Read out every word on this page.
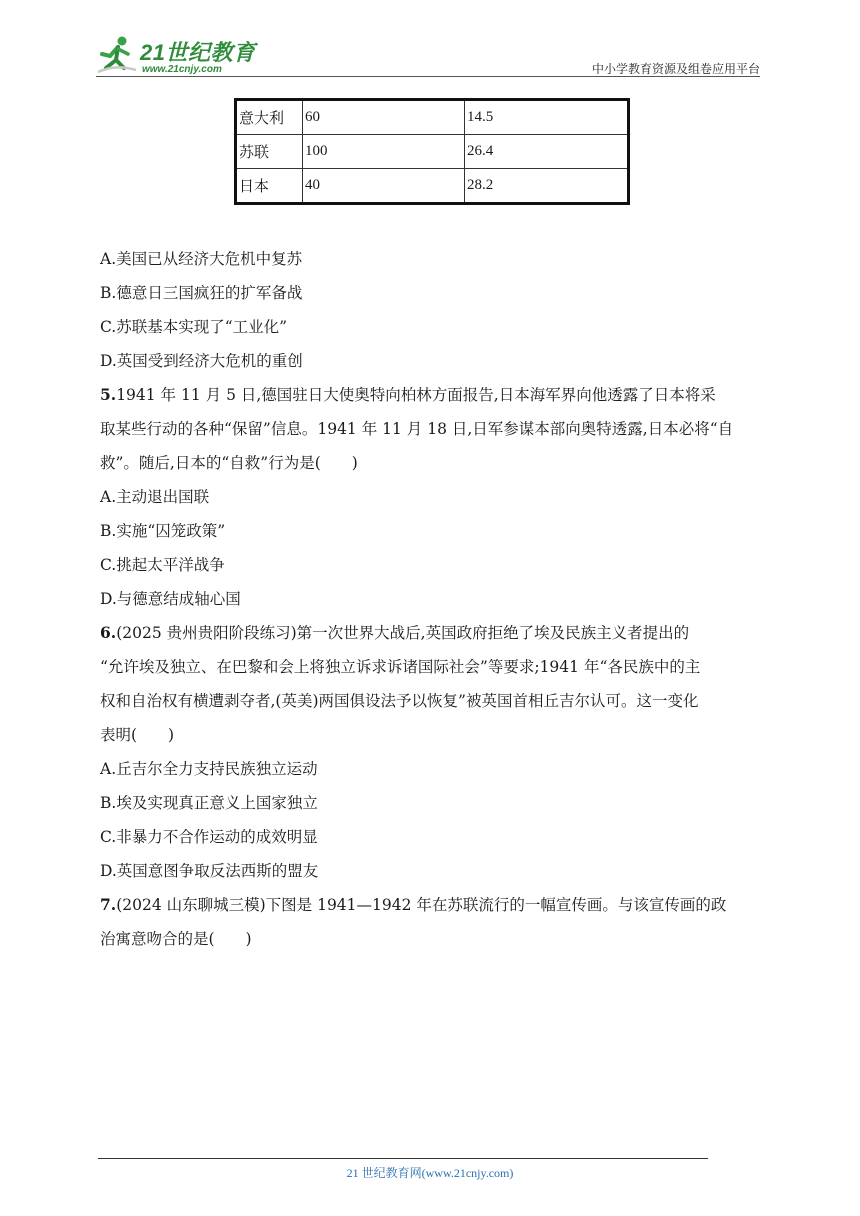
21世纪教育
www.21cnjy.com	中小学教育资源及组卷应用平台
意大利	60	14.5
苏联	100	26.4
日本	40	28.2

A.美国已从经济大危机中复苏

B.德意日三国疯狂的扩军备战

C.苏联基本实现了“工业化”

D.英国受到经济大危机的重创

5.1941 年 11 月 5 日,德国驻日大使奥特向柏林方面报告,日本海军界向他透露了日本将采

取某些行动的各种“保留”信息。1941 年 11 月 18 日,日军参谋本部向奥特透露,日本必将“自

救”。随后,日本的“自救”行为是(　　)

A.主动退出国联

B.实施“囚笼政策”

C.挑起太平洋战争

D.与德意结成轴心国

6.(2025 贵州贵阳阶段练习)第一次世界大战后,英国政府拒绝了埃及民族主义者提出的

“允许埃及独立、在巴黎和会上将独立诉求诉诸国际社会”等要求;1941 年“各民族中的主

权和自治权有横遭剥夺者,(英美)两国俱设法予以恢复”被英国首相丘吉尔认可。这一变化

表明(　　)

A.丘吉尔全力支持民族独立运动

B.埃及实现真正意义上国家独立

C.非暴力不合作运动的成效明显

D.英国意图争取反法西斯的盟友

7.(2024 山东聊城三模)下图是 1941—1942 年在苏联流行的一幅宣传画。与该宣传画的政

治寓意吻合的是(　　)

21 世纪教育网(www.21cnjy.com)
